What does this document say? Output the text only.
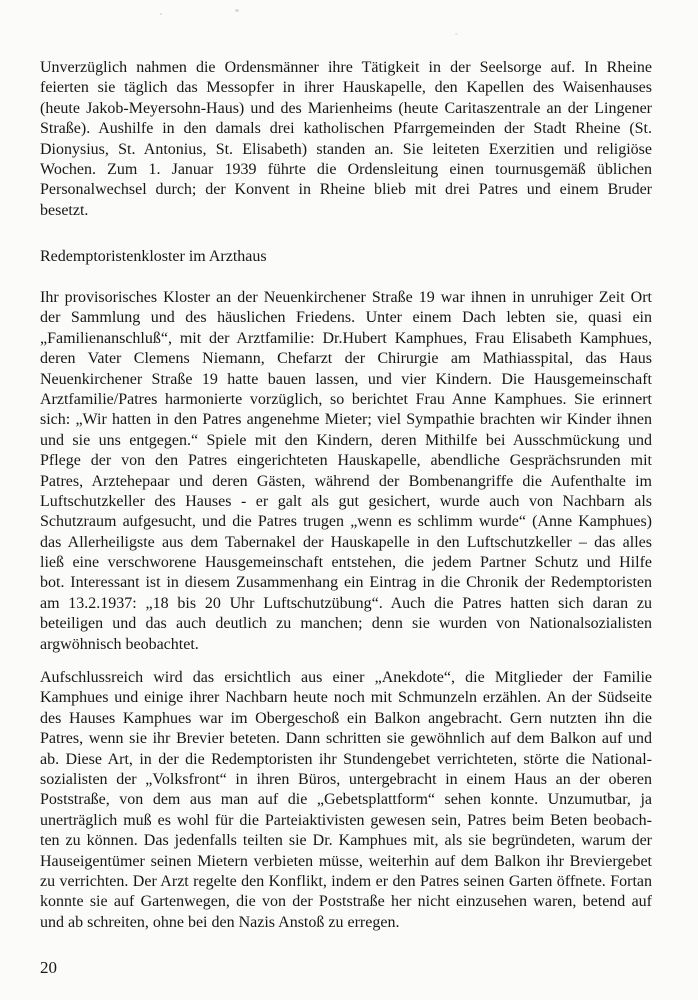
Unverzüglich nahmen die Ordensmänner ihre Tätigkeit in der Seelsorge auf. In Rheine
feierten sie täglich das Messopfer in ihrer Hauskapelle, den Kapellen des Waisenhauses
(heute Jakob-Meyersohn-Haus) und des Marienheims (heute Caritaszentrale an der Lingener
Straße). Aushilfe in den damals drei katholischen Pfarrgemeinden der Stadt Rheine (St.
Dionysius, St. Antonius, St. Elisabeth) standen an. Sie leiteten Exerzitien und religiöse
Wochen. Zum 1. Januar 1939 führte die Ordensleitung einen tournusgemäß üblichen
Personalwechsel durch; der Konvent in Rheine blieb mit drei Patres und einem Bruder
besetzt.
Redemptoristenkloster im Arzthaus
Ihr provisorisches Kloster an der Neuenkirchener Straße 19 war ihnen in unruhiger Zeit Ort
der Sammlung und des häuslichen Friedens. Unter einem Dach lebten sie, quasi ein
„Familienanschluß“, mit der Arztfamilie: Dr.Hubert Kamphues, Frau Elisabeth Kamphues,
deren Vater Clemens Niemann, Chefarzt der Chirurgie am Mathiasspital, das Haus
Neuenkirchener Straße 19 hatte bauen lassen, und vier Kindern. Die Hausgemeinschaft
Arztfamilie/Patres harmonierte vorzüglich, so berichtet Frau Anne Kamphues. Sie erinnert
sich: „Wir hatten in den Patres angenehme Mieter; viel Sympathie brachten wir Kinder ihnen
und sie uns entgegen.“ Spiele mit den Kindern, deren Mithilfe bei Ausschmückung und
Pflege der von den Patres eingerichteten Hauskapelle, abendliche Gesprächsrunden mit
Patres, Arztehepaar und deren Gästen, während der Bombenangriffe die Aufenthalte im
Luftschutzkeller des Hauses - er galt als gut gesichert, wurde auch von Nachbarn als
Schutzraum aufgesucht, und die Patres trugen „wenn es schlimm wurde“ (Anne Kamphues)
das Allerheiligste aus dem Tabernakel der Hauskapelle in den Luftschutzkeller – das alles
ließ eine verschworene Hausgemeinschaft entstehen, die jedem Partner Schutz und Hilfe
bot. Interessant ist in diesem Zusammenhang ein Eintrag in die Chronik der Redemptoristen
am 13.2.1937: „18 bis 20 Uhr Luftschutzübung“. Auch die Patres hatten sich daran zu
beteiligen und das auch deutlich zu manchen; denn sie wurden von Nationalsozialisten
argwöhnisch beobachtet.
Aufschlussreich wird das ersichtlich aus einer „Anekdote“, die Mitglieder der Familie
Kamphues und einige ihrer Nachbarn heute noch mit Schmunzeln erzählen. An der Südseite
des Hauses Kamphues war im Obergeschoß ein Balkon angebracht. Gern nutzten ihn die
Patres, wenn sie ihr Brevier beteten. Dann schritten sie gewöhnlich auf dem Balkon auf und
ab. Diese Art, in der die Redemptoristen ihr Stundengebet verrichteten, störte die National-
sozialisten der „Volksfront“ in ihren Büros, untergebracht in einem Haus an der oberen
Poststraße, von dem aus man auf die „Gebetsplattform“ sehen konnte. Unzumutbar, ja
unerträglich muß es wohl für die Parteiaktivisten gewesen sein, Patres beim Beten beobach-
ten zu können. Das jedenfalls teilten sie Dr. Kamphues mit, als sie begründeten, warum der
Hauseigentümer seinen Mietern verbieten müsse, weiterhin auf dem Balkon ihr Breviergebet
zu verrichten. Der Arzt regelte den Konflikt, indem er den Patres seinen Garten öffnete. Fortan
konnte sie auf Gartenwegen, die von der Poststraße her nicht einzusehen waren, betend auf
und ab schreiten, ohne bei den Nazis Anstoß zu erregen.
20
